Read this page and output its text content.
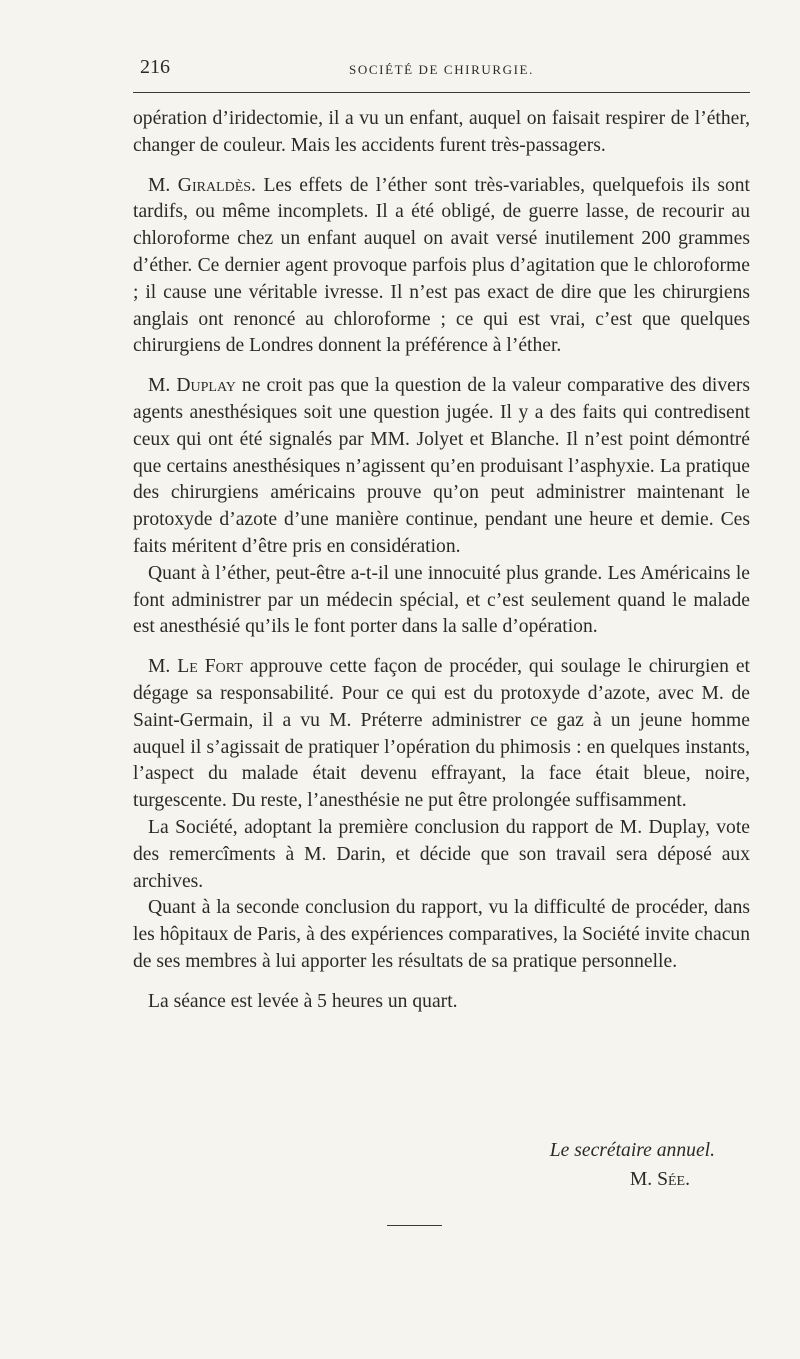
216	SOCIÉTÉ DE CHIRURGIE.

opération d’iridectomie, il a vu un enfant, auquel on faisait respirer de l’éther, changer de couleur. Mais les accidents furent très-passagers.

M. Giraldès. Les effets de l’éther sont très-variables, quelquefois ils sont tardifs, ou même incomplets. Il a été obligé, de guerre lasse, de recourir au chloroforme chez un enfant auquel on avait versé inutilement 200 grammes d’éther. Ce dernier agent provoque parfois plus d’agitation que le chloroforme ; il cause une véritable ivresse. Il n’est pas exact de dire que les chirurgiens anglais ont renoncé au chloroforme ; ce qui est vrai, c’est que quelques chirurgiens de Londres donnent la préférence à l’éther.

M. Duplay ne croit pas que la question de la valeur comparative des divers agents anesthésiques soit une question jugée. Il y a des faits qui contredisent ceux qui ont été signalés par MM. Jolyet et Blanche. Il n’est point démontré que certains anesthésiques n’agissent qu’en produisant l’asphyxie. La pratique des chirurgiens américains prouve qu’on peut administrer maintenant le protoxyde d’azote d’une manière continue, pendant une heure et demie. Ces faits méritent d’être pris en considération.

Quant à l’éther, peut-être a-t-il une innocuité plus grande. Les Américains le font administrer par un médecin spécial, et c’est seulement quand le malade est anesthésié qu’ils le font porter dans la salle d’opération.

M. Le Fort approuve cette façon de procéder, qui soulage le chirurgien et dégage sa responsabilité. Pour ce qui est du protoxyde d’azote, avec M. de Saint-Germain, il a vu M. Préterre administrer ce gaz à un jeune homme auquel il s’agissait de pratiquer l’opération du phimosis : en quelques instants, l’aspect du malade était devenu effrayant, la face était bleue, noire, turgescente. Du reste, l’anesthésie ne put être prolongée suffisamment.

La Société, adoptant la première conclusion du rapport de M. Duplay, vote des remercîments à M. Darin, et décide que son travail sera déposé aux archives.

Quant à la seconde conclusion du rapport, vu la difficulté de procéder, dans les hôpitaux de Paris, à des expériences comparatives, la Société invite chacun de ses membres à lui apporter les résultats de sa pratique personnelle.

La séance est levée à 5 heures un quart.

Le secrétaire annuel.
M. Sée.
